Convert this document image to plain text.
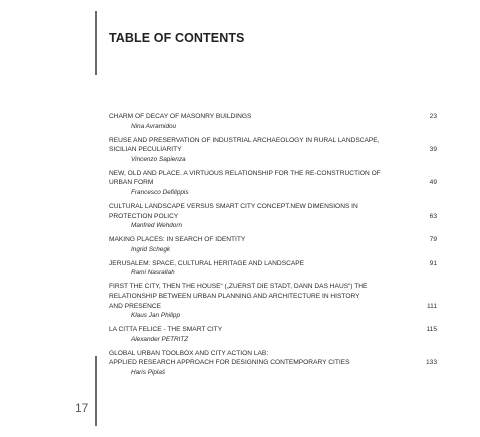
TABLE OF CONTENTS
CHARM OF DECAY OF MASONRY BUILDINGS
Nina Avramidou
23
REUSE AND PRESERVATION OF INDUSTRIAL ARCHAEOLOGY IN RURAL LANDSCAPE,
SICILIAN PECULIARITY
Vincenzo Sapienza
39
NEW, OLD AND PLACE. A VIRTUOUS RELATIONSHIP FOR THE RE-CONSTRUCTION OF
URBAN FORM
Francesco Defilippis
49
CULTURAL LANDSCAPE VERSUS SMART CITY CONCEPT.NEW DIMENSIONS IN
PROTECTION POLICY
Manfred Wehdorn
63
MAKING PLACES: IN SEARCH OF IDENTITY
Ingrid Schegk
79
JERUSALEM: SPACE, CULTURAL HERITAGE AND LANDSCAPE
Rami Nasrallah
91
FIRST THE CITY, THEN THE HOUSE“ („ZUERST DIE STADT, DANN DAS HAUS“) THE
RELATIONSHIP BETWEEN URBAN PLANNING AND ARCHITECTURE IN HISTORY
AND PRESENCE
Klaus Jan Philipp
111
LA CITTA FELICE - THE SMART CITY
Alexander PETRITZ
115
GLOBAL URBAN TOOLBOX AND CITY ACTION LAB:
APPLIED RESEARCH APPROACH FOR DESIGNING CONTEMPORARY CITIES
Haris Piplaš
133
17
